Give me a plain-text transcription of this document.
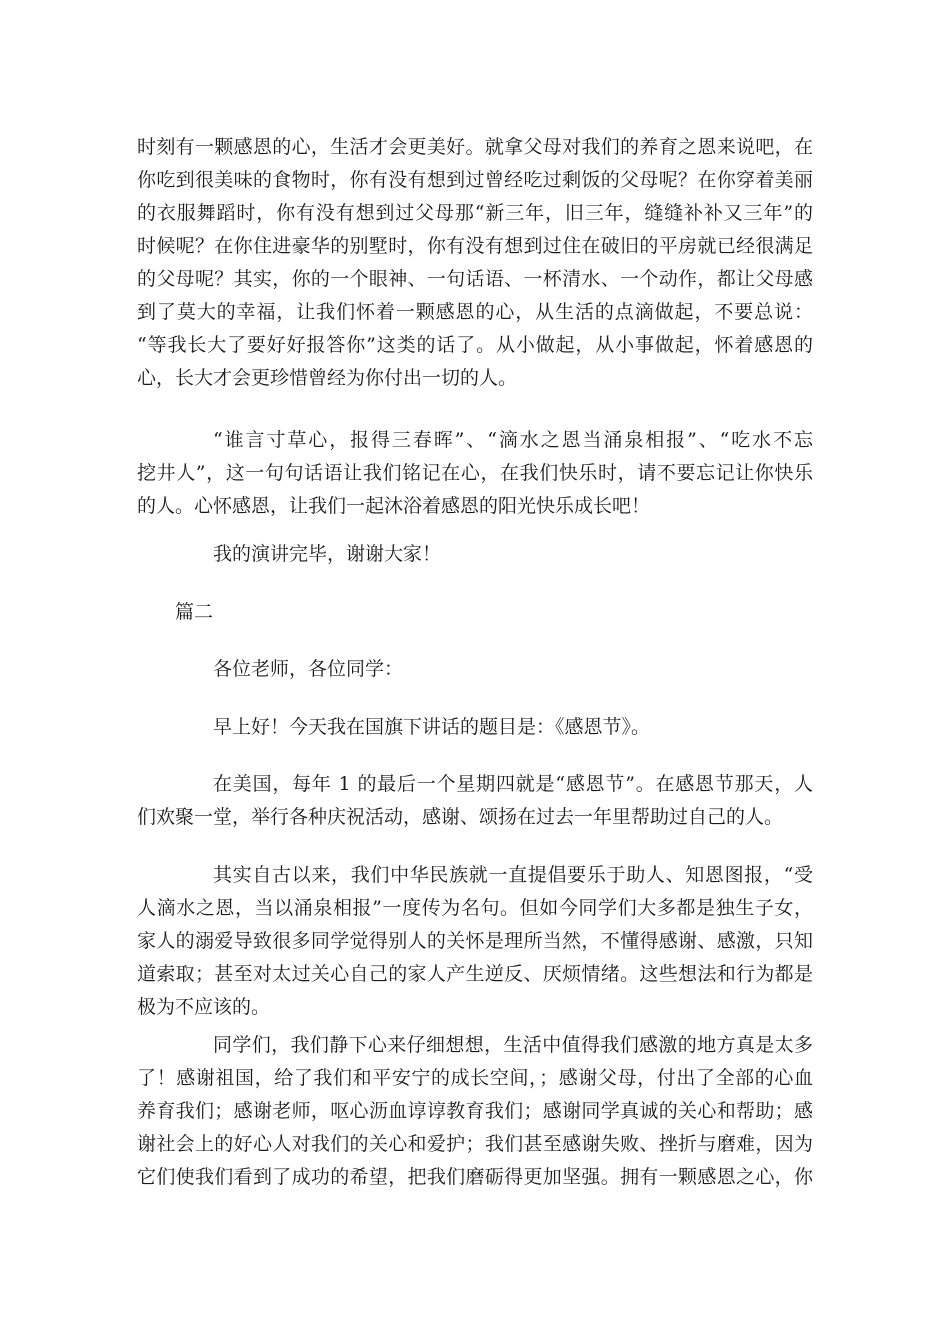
时刻有一颗感恩的心，生活才会更美好。就拿父母对我们的养育之恩来说吧，在
你吃到很美味的食物时，你有没有想到过曾经吃过剩饭的父母呢？在你穿着美丽
的衣服舞蹈时，你有没有想到过父母那“新三年，旧三年，缝缝补补又三年”的
时候呢？在你住进豪华的别墅时，你有没有想到过住在破旧的平房就已经很满足
的父母呢？其实，你的一个眼神、一句话语、一杯清水、一个动作，都让父母感
到了莫大的幸福，让我们怀着一颗感恩的心，从生活的点滴做起，不要总说：
“等我长大了要好好报答你”这类的话了。从小做起，从小事做起，怀着感恩的
心，长大才会更珍惜曾经为你付出一切的人。
“谁言寸草心，报得三春晖”、“滴水之恩当涌泉相报”、“吃水不忘
挖井人”，这一句句话语让我们铭记在心，在我们快乐时，请不要忘记让你快乐
的人。心怀感恩，让我们一起沐浴着感恩的阳光快乐成长吧！
我的演讲完毕，谢谢大家！
篇二
各位老师，各位同学：
早上好！今天我在国旗下讲话的题目是：《感恩节》。
在美国，每年 1 的最后一个星期四就是“感恩节”。在感恩节那天，人
们欢聚一堂，举行各种庆祝活动，感谢、颂扬在过去一年里帮助过自己的人。
其实自古以来，我们中华民族就一直提倡要乐于助人、知恩图报，“受
人滴水之恩，当以涌泉相报”一度传为名句。但如今同学们大多都是独生子女，
家人的溺爱导致很多同学觉得别人的关怀是理所当然，不懂得感谢、感激，只知
道索取；甚至对太过关心自己的家人产生逆反、厌烦情绪。这些想法和行为都是
极为不应该的。
同学们，我们静下心来仔细想想，生活中值得我们感激的地方真是太多
了！感谢祖国，给了我们和平安宁的成长空间，；感谢父母，付出了全部的心血
养育我们；感谢老师，呕心沥血谆谆教育我们；感谢同学真诚的关心和帮助；感
谢社会上的好心人对我们的关心和爱护；我们甚至感谢失败、挫折与磨难，因为
它们使我们看到了成功的希望，把我们磨砺得更加坚强。拥有一颗感恩之心，你
